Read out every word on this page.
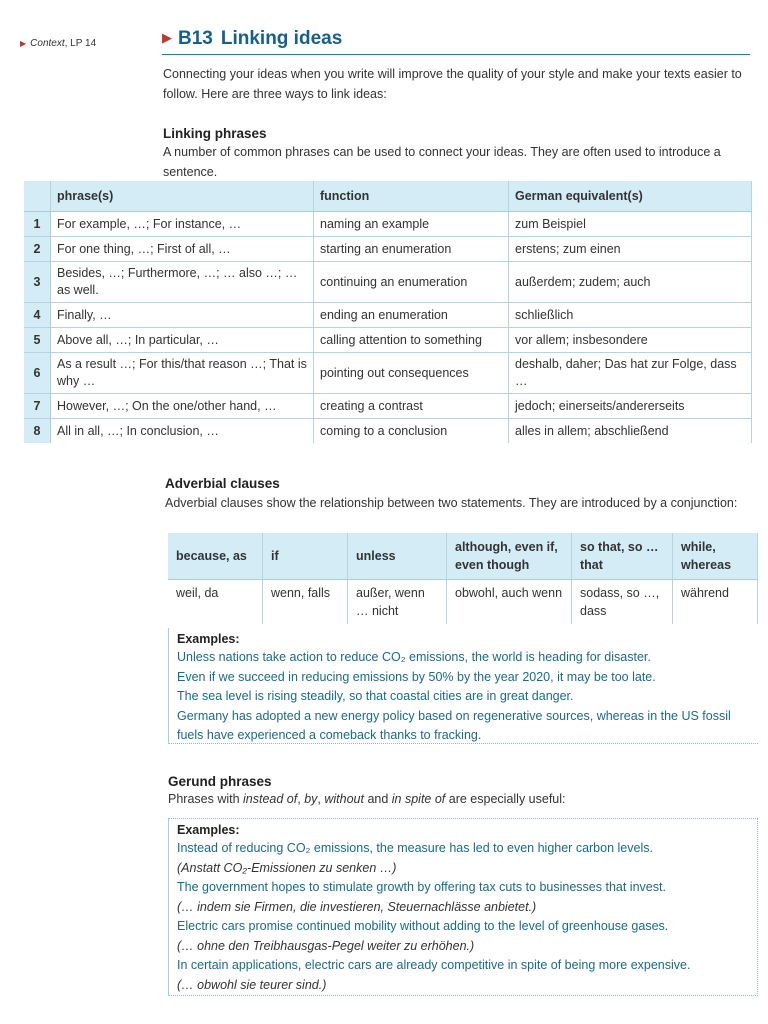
▶ Context, LP 14	▶ B13 Linking ideas
Connecting your ideas when you write will improve the quality of your style and make your texts easier to follow. Here are three ways to link ideas:
Linking phrases
A number of common phrases can be used to connect your ideas. They are often used to introduce a sentence.
	phrase(s)	function	German equivalent(s)
1	For example, …; For instance, …	naming an example	zum Beispiel
2	For one thing, …; First of all, …	starting an enumeration	erstens; zum einen
3	Besides, …; Furthermore, …; … also …; … as well.	continuing an enumeration	außerdem; zudem; auch
4	Finally, …	ending an enumeration	schließlich
5	Above all, …; In particular, …	calling attention to something	vor allem; insbesondere
6	As a result …; For this/that reason …; That is why …	pointing out consequences	deshalb, daher; Das hat zur Folge, dass …
7	However, …; On the one/other hand, …	creating a contrast	jedoch; einerseits/andererseits
8	All in all, …; In conclusion, …	coming to a conclusion	alles in allem; abschließend
Adverbial clauses
Adverbial clauses show the relationship between two statements. They are introduced by a conjunction:
because, as	if	unless	although, even if, even though	so that, so … that	while, whereas
weil, da	wenn, falls	außer, wenn … nicht	obwohl, auch wenn	sodass, so …, dass	während
Examples:
Unless nations take action to reduce CO₂ emissions, the world is heading for disaster.
Even if we succeed in reducing emissions by 50% by the year 2020, it may be too late.
The sea level is rising steadily, so that coastal cities are in great danger.
Germany has adopted a new energy policy based on regenerative sources, whereas in the US fossil fuels have experienced a comeback thanks to fracking.
Gerund phrases
Phrases with instead of, by, without and in spite of are especially useful:
Examples:
Instead of reducing CO₂ emissions, the measure has led to even higher carbon levels.
(Anstatt CO₂-Emissionen zu senken …)
The government hopes to stimulate growth by offering tax cuts to businesses that invest.
(… indem sie Firmen, die investieren, Steuernachlässe anbietet.)
Electric cars promise continued mobility without adding to the level of greenhouse gases.
(… ohne den Treibhausgas-Pegel weiter zu erhöhen.)
In certain applications, electric cars are already competitive in spite of being more expensive.
(… obwohl sie teurer sind.)
